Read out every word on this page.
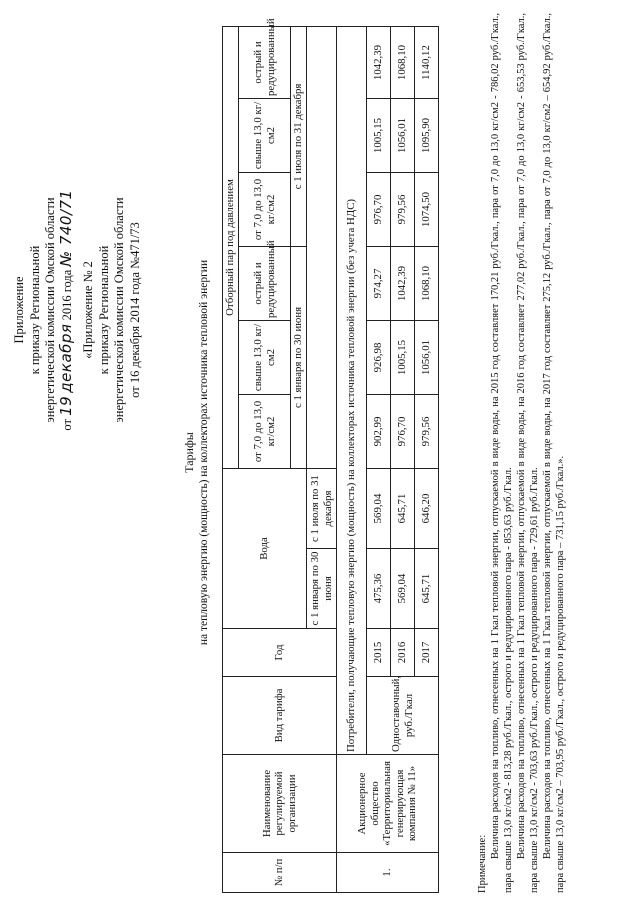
Приложение к приказу Региональной энергетической комиссии Омской области
от 19 декабря 2016 года № 740/71
«Приложение № 2 к приказу Региональной энергетической комиссии Омской области от 16 декабря 2014 года №471/73
Тарифы на тепловую энергию (мощность) на коллекторах источника тепловой энергии
№ п/п	Наименование регулируемой организации	Вид тарифа	Год	Вода		Отборный пар под давлением					
						от 7,0 до 13,0 кг/см2	свыше 13,0 кг/см2	острый и редуцированный	от 7,0 до 13,0 кг/см2	свыше 13,0 кг/см2	острый и редуцированный
						с 1 января по 30 июня			с 1 июля по 31 декабря		
				с 1 января по 30 июня	с 1 июля по 31 декабря						
1.	Акционерное общество «Территориальная генерирующая компания № 11»	Потребители, получающие тепловую энергию (мощность) на коллекторах источника тепловой энергии (без учета НДС)									
		Одноставочный, руб./Гкал	2015	475,36	569,04	902,99	926,98	974,27	976,70	1005,15	1042,39
			2016	569,04	645,71	976,70	1005,15	1042,39	979,56	1056,01	1068,10
			2017	645,71	646,20	979,56	1056,01	1068,10	1074,50	1095,90	1140,12

Примечание:

Величина расходов на топливо, отнесенных на 1 Гкал тепловой энергии, отпускаемой в виде воды, на 2015 год составляет 170,21 руб./Гкал., пара от 7,0 до 13,0 кг/см2 - 786,02 руб./Гкал., пара свыше 13,0 кг/см2 - 813,28 руб./Гкал., острого и редуцированного пара - 853,63 руб./Гкал. Величина расходов на топливо, отнесенных на 1 Гкал тепловой энергии, отпускаемой в виде воды, на 2016 год составляет 277,02 руб./Гкал., пара от 7,0 до 13,0 кг/см2 - 653,53 руб./Гкал., пара свыше 13,0 кг/см2 - 703,63 руб./Гкал., острого и редуцированного пара - 729,61 руб./Гкал. Величина расходов на топливо, отнесенных на 1 Гкал тепловой энергии, отпускаемой в виде воды, на 2017 год составляет 275,12 руб./Гкал., пара от 7,0 до 13,0 кг/см2 – 654,92 руб./Гкал., пара свыше 13,0 кг/см2 – 703,95 руб./Гкал., острого и редуцированного пара – 731,15 руб./Гкал.».
